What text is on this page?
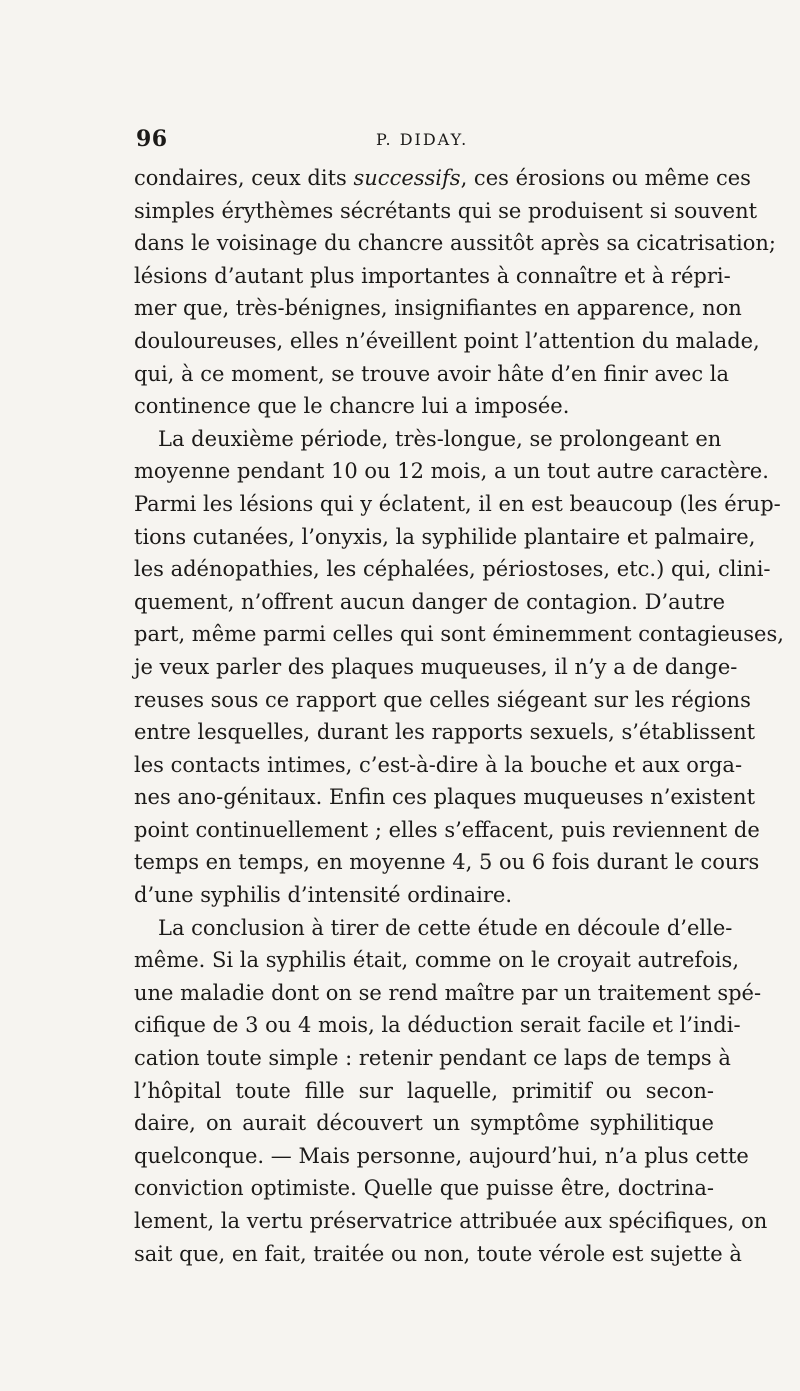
96	P. DIDAY.
condaires, ceux dits successifs, ces érosions ou même ces
simples érythèmes sécrétants qui se produisent si souvent
dans le voisinage du chancre aussitôt après sa cicatrisation;
lésions d’autant plus importantes à connaître et à répri-
mer que, très-bénignes, insignifiantes en apparence, non
douloureuses, elles n’éveillent point l’attention du malade,
qui, à ce moment, se trouve avoir hâte d’en finir avec la
continence que le chancre lui a imposée.
La deuxième période, très-longue, se prolongeant en
moyenne pendant 10 ou 12 mois, a un tout autre caractère.
Parmi les lésions qui y éclatent, il en est beaucoup (les érup-
tions cutanées, l’onyxis, la syphilide plantaire et palmaire,
les adénopathies, les céphalées, périostoses, etc.) qui, clini-
quement, n’offrent aucun danger de contagion. D’autre
part, même parmi celles qui sont éminemment contagieuses,
je veux parler des plaques muqueuses, il n’y a de dange-
reuses sous ce rapport que celles siégeant sur les régions
entre lesquelles, durant les rapports sexuels, s’établissent
les contacts intimes, c’est-à-dire à la bouche et aux orga-
nes ano-génitaux. Enfin ces plaques muqueuses n’existent
point continuellement ; elles s’effacent, puis reviennent de
temps en temps, en moyenne 4, 5 ou 6 fois durant le cours
d’une syphilis d’intensité ordinaire.
La conclusion à tirer de cette étude en découle d’elle-
même. Si la syphilis était, comme on le croyait autrefois,
une maladie dont on se rend maître par un traitement spé-
cifique de 3 ou 4 mois, la déduction serait facile et l’indi-
cation toute simple : retenir pendant ce laps de temps à
l’hôpital toute fille sur laquelle, primitif ou secon-
daire, on aurait découvert un symptôme syphilitique
quelconque. — Mais personne, aujourd’hui, n’a plus cette
conviction optimiste. Quelle que puisse être, doctrina-
lement, la vertu préservatrice attribuée aux spécifiques, on
sait que, en fait, traitée ou non, toute vérole est sujette à
